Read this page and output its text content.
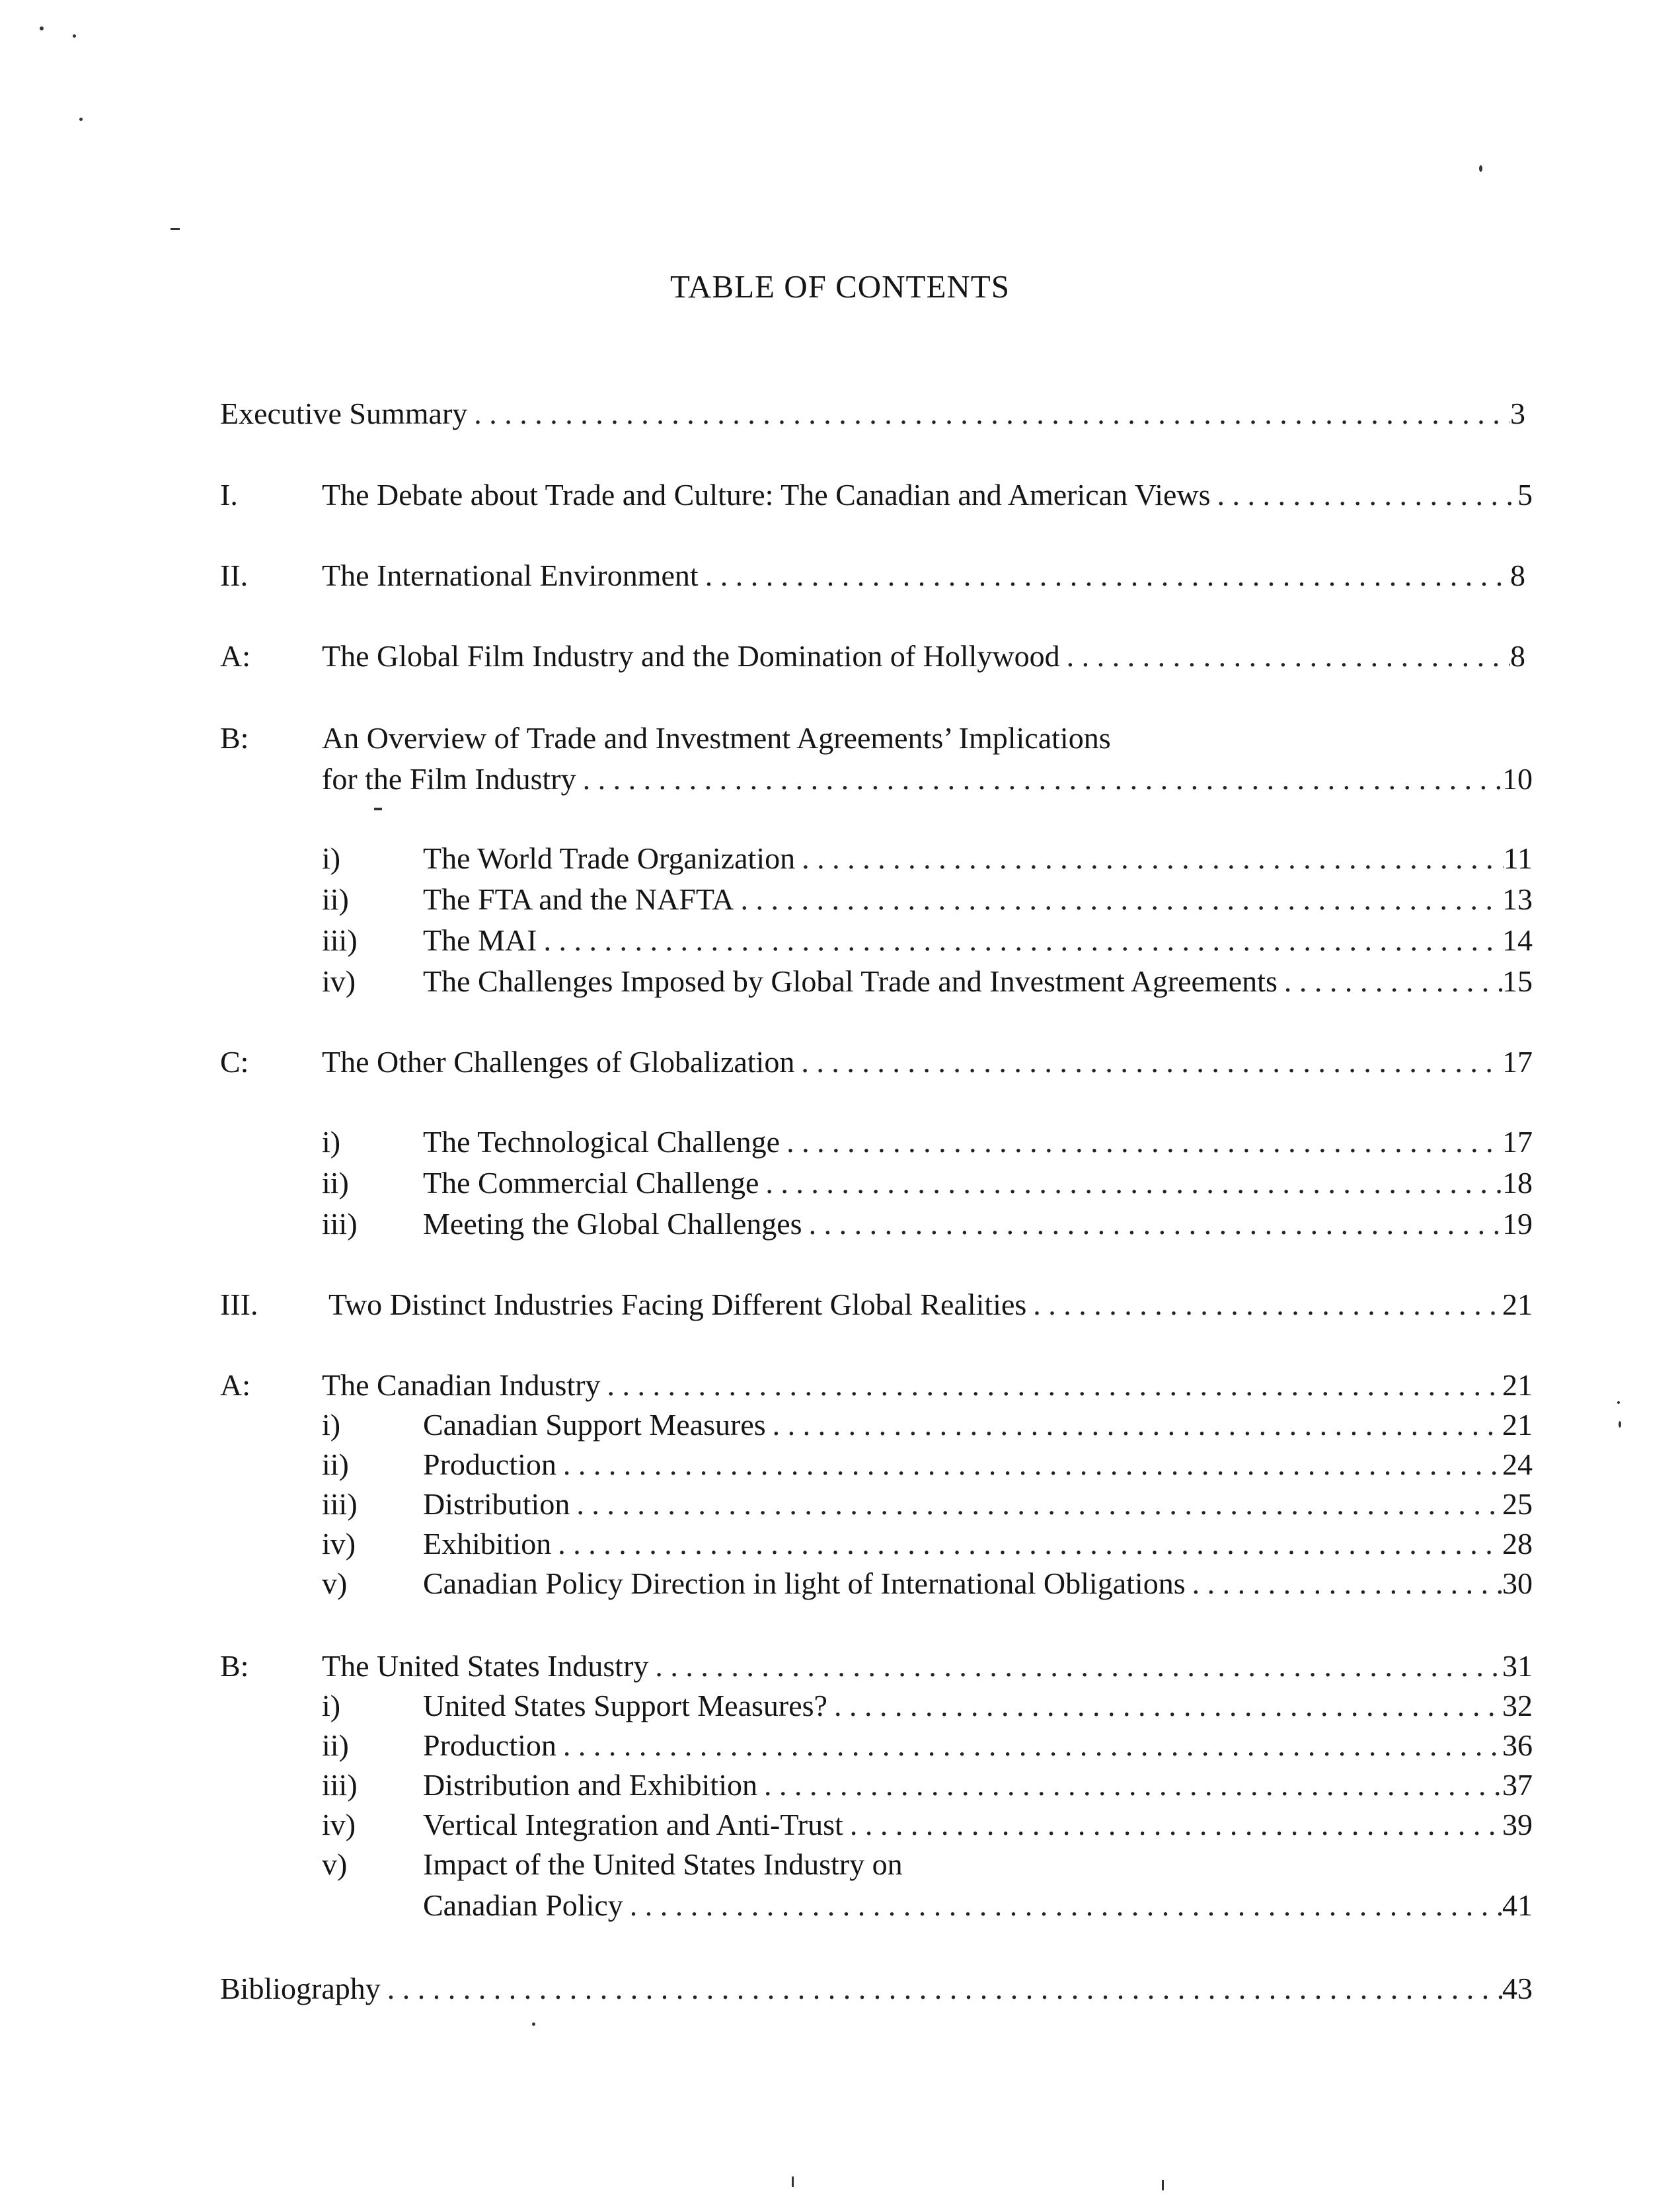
TABLE OF CONTENTS
Executive Summary . . .	3
I.	The Debate about Trade and Culture: The Canadian and American Views . . .	5
II. The International Environment . . .	8
A: The Global Film Industry and the Domination of Hollywood . . .	8
B: An Overview of Trade and Investment Agreements’ Implications
for the Film Industry . . .	10
i)	The World Trade Organization . . .	11
ii) The FTA and the NAFTA . . .	13
iii) The MAI . . .	14
iv) The Challenges Imposed by Global Trade and Investment Agreements . . .	15
C: The Other Challenges of Globalization . . .	17
i)	The Technological Challenge . . .	17
ii) The Commercial Challenge . . .	18
iii) Meeting the Global Challenges . . .	19
III. Two Distinct Industries Facing Different Global Realities . . .	21
A: The Canadian Industry . . .	21
i)	Canadian Support Measures . . .	21
ii) Production . . .	24
iii) Distribution . . .	25
iv) Exhibition . . .	28
v) Canadian Policy Direction in light of International Obligations . . .	30
B: The United States Industry . . .	31
i)	United States Support Measures? . . .	32
ii) Production . . .	36
iii) Distribution and Exhibition . . .	37
iv) Vertical Integration and Anti-Trust . . .	39
v) Impact of the United States Industry on
Canadian Policy . . .	41
Bibliography . . .	43
